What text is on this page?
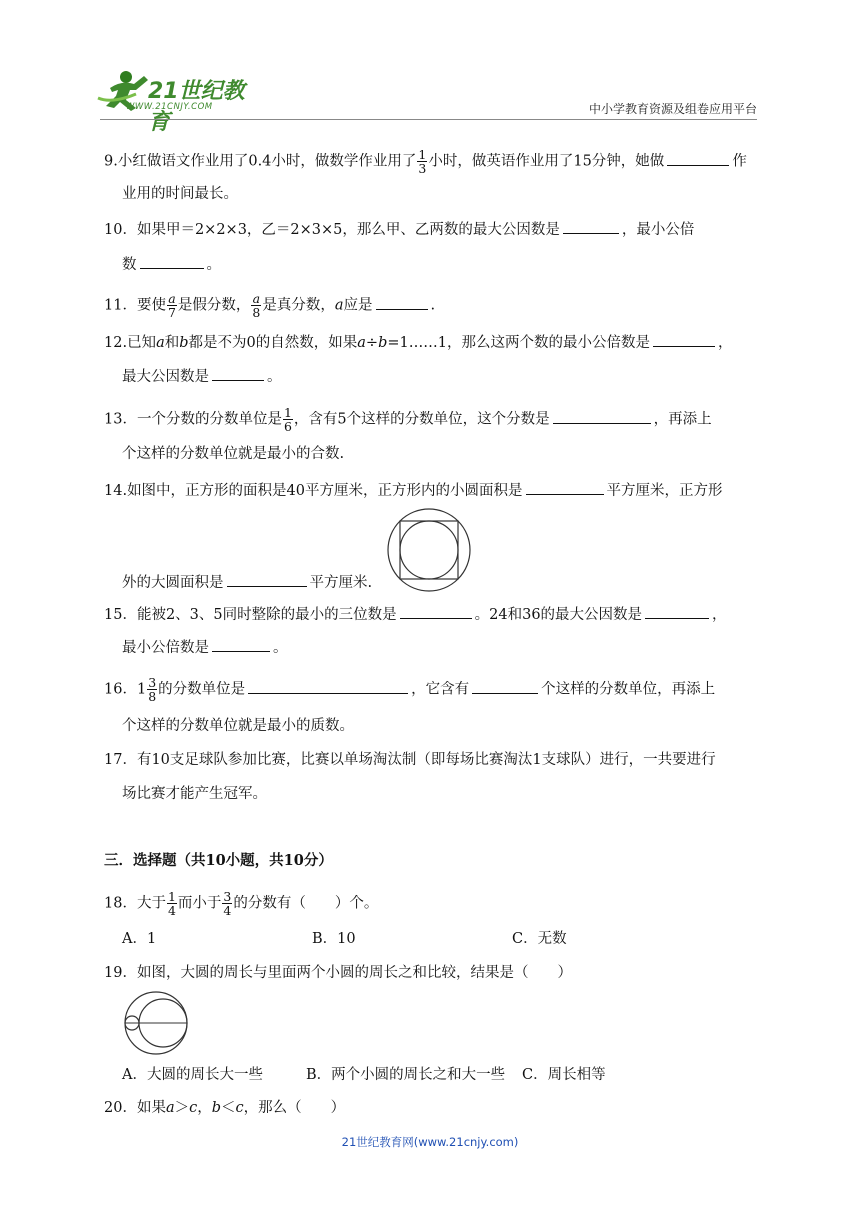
21世纪教育
WWW.21CNJY.COM	中小学教育资源及组卷应用平台
9.小红做语文作业用了0.4小时，做数学作业用了 $\frac{1}{3}$ 小时，做英语作业用了15分钟，她做	作
业用的时间最长。
10．如果甲＝2×2×3，乙＝2×3×5，那么甲、乙两数的最大公因数是	，最小公倍
数	。
11．要使 $\frac{a}{7}$ 是假分数， $\frac{a}{8}$ 是真分数，a应是	.
12.已知a和b都是不为0的自然数，如果a÷b=1……1，那么这两个数的最小公倍数是	，
最大公因数是	。
13．一个分数的分数单位是 $\frac{1}{6}$ ，含有5个这样的分数单位，这个分数是	，再添上
个这样的分数单位就是最小的合数.
14.如图中，正方形的面积是40平方厘米，正方形内的小圆面积是	平方厘米，正方形
外的大圆面积是	平方厘米.
15．能被2、3、5同时整除的最小的三位数是	。24和36的最大公因数是	，
最小公倍数是	。
16．$1 \frac{3}{8}$ 的分数单位是	，它含有	个这样的分数单位，再添上
个这样的分数单位就是最小的质数。
17．有10支足球队参加比赛，比赛以单场淘汰制（即每场比赛淘汰1支球队）进行，一共要进行
场比赛才能产生冠军。
三．选择题（共10小题，共10分）
18．大于 $\frac{1}{4}$ 而小于 $\frac{3}{4}$ 的分数有（　　）个。
A．1	B．10	C．无数
19．如图，大圆的周长与里面两个小圆的周长之和比较，结果是（　　）
A．大圆的周长大一些	B．两个小圆的周长之和大一些 C．周长相等
20．如果a＞c，b＜c，那么（　　）
21世纪教育网(www.21cnjy.com)
